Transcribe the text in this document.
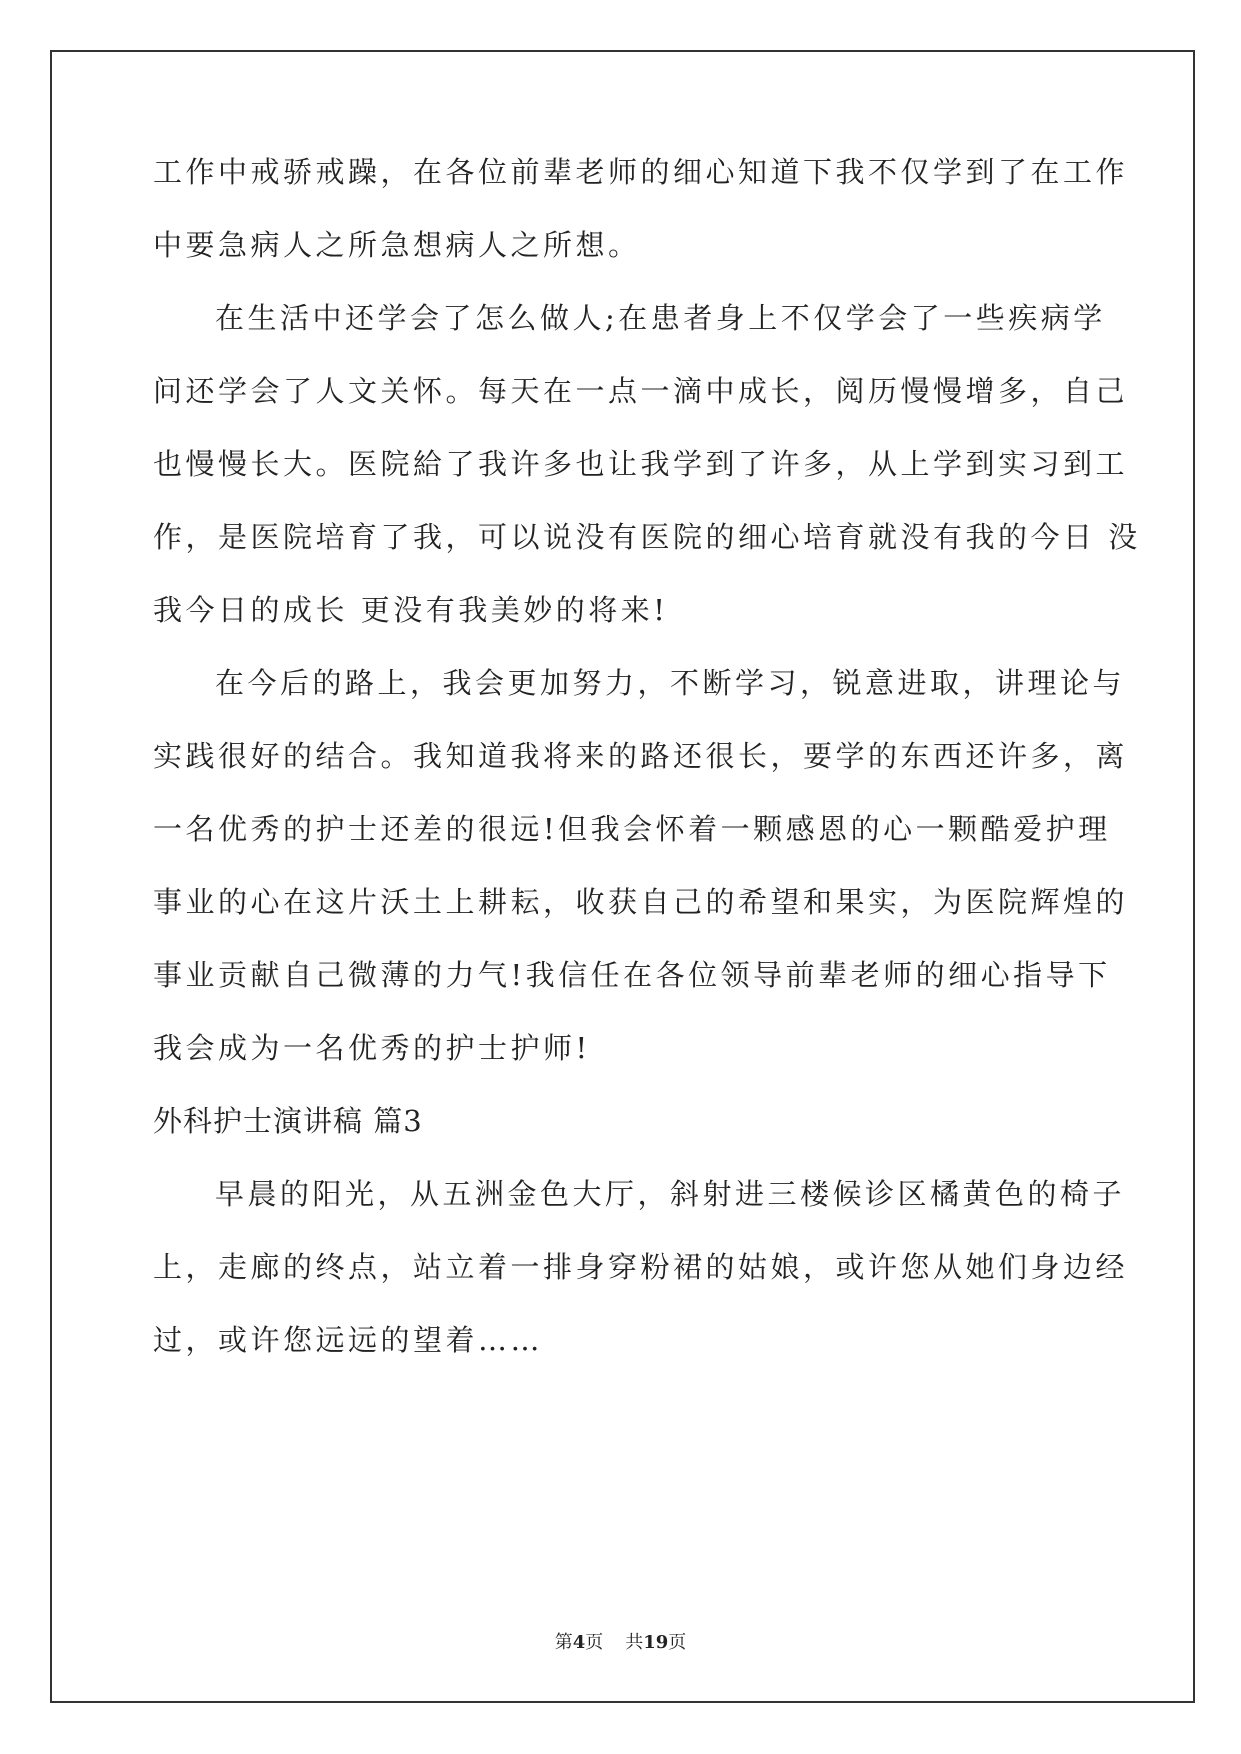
工作中戒骄戒躁，在各位前辈老师的细心知道下我不仅学到了在工作
中要急病人之所急想病人之所想。
在生活中还学会了怎么做人;在患者身上不仅学会了一些疾病学
问还学会了人文关怀。每天在一点一滴中成长，阅历慢慢增多，自己
也慢慢长大。医院給了我许多也让我学到了许多，从上学到实习到工
作，是医院培育了我，可以说没有医院的细心培育就没有我的今日 没
我今日的成长 更没有我美妙的将来!
在今后的路上，我会更加努力，不断学习，锐意进取，讲理论与
实践很好的结合。我知道我将来的路还很长，要学的东西还许多，离
一名优秀的护士还差的很远!但我会怀着一颗感恩的心一颗酷爱护理
事业的心在这片沃土上耕耘，收获自己的希望和果实，为医院辉煌的
事业贡献自己微薄的力气!我信任在各位领导前辈老师的细心指导下
我会成为一名优秀的护士护师!
外科护士演讲稿 篇3
早晨的阳光，从五洲金色大厅，斜射进三楼候诊区橘黄色的椅子
上，走廊的终点，站立着一排身穿粉裙的姑娘，或许您从她们身边经
过，或许您远远的望着……
第4页 共19页
